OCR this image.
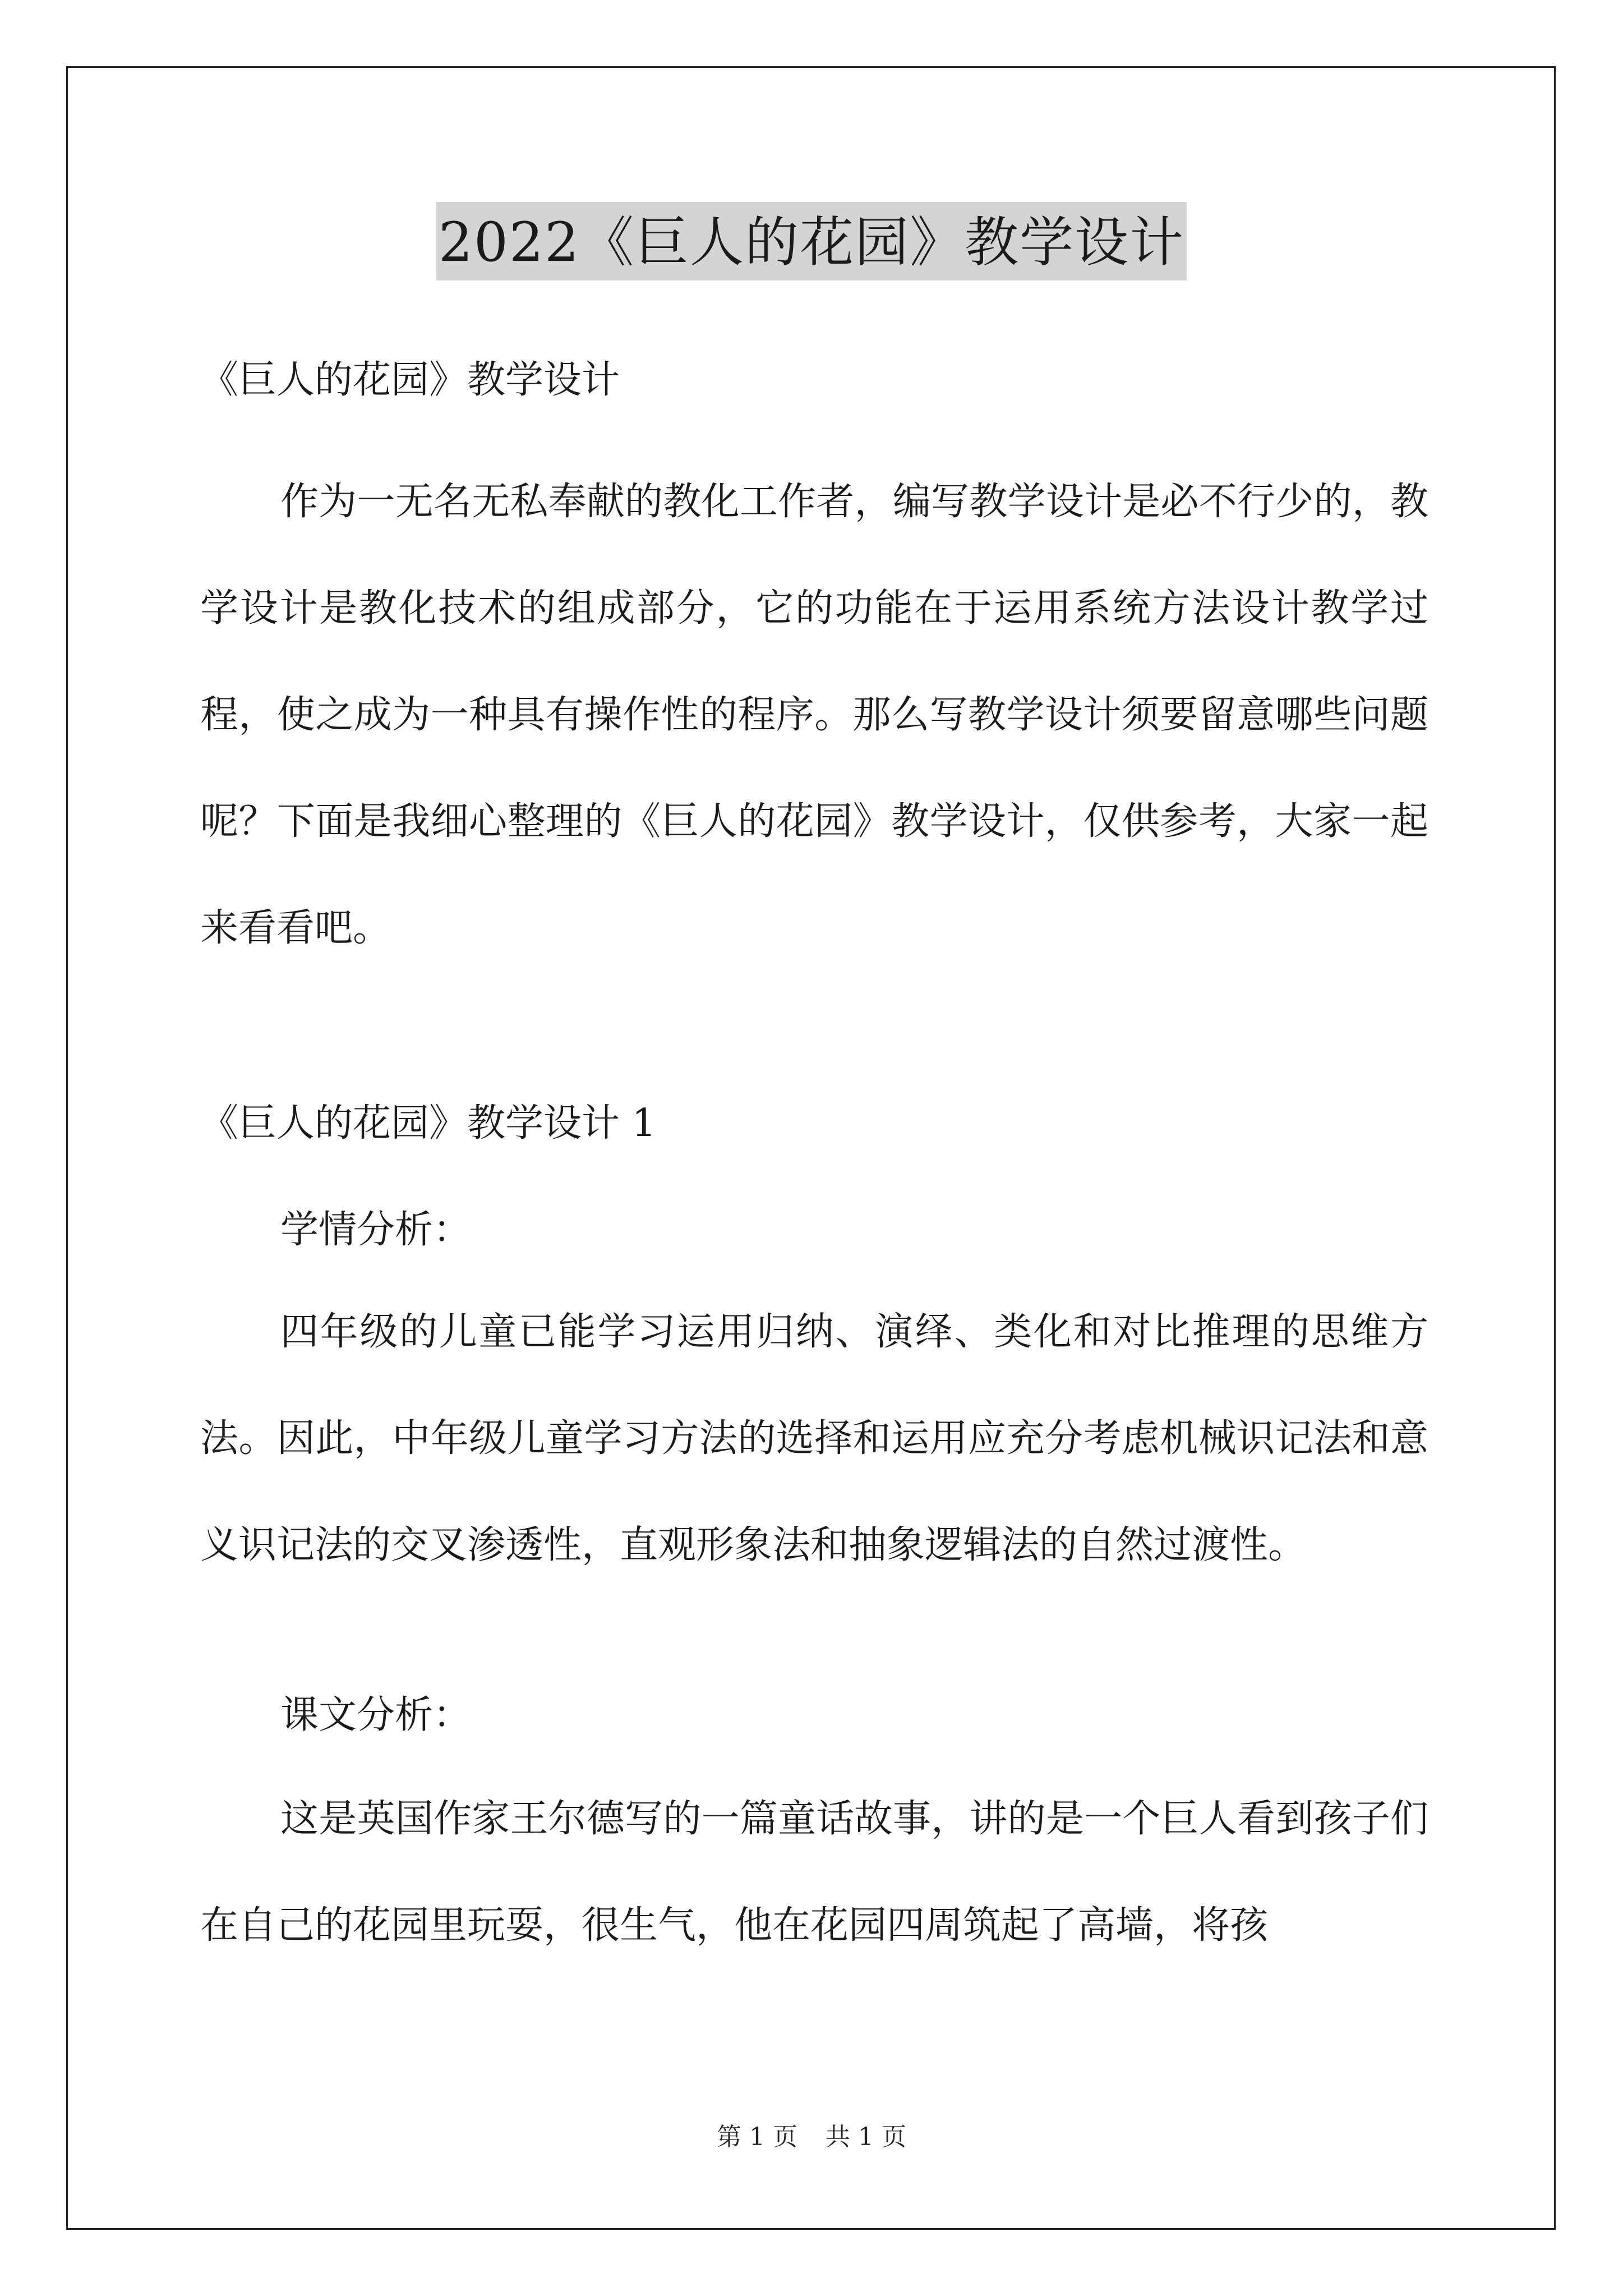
2022《巨人的花园》教学设计

《巨人的花园》教学设计

作为一无名无私奉献的教化工作者，编写教学设计是必不行少的，教学设计是教化技术的组成部分，它的功能在于运用系统方法设计教学过程，使之成为一种具有操作性的程序。那么写教学设计须要留意哪些问题呢？下面是我细心整理的《巨人的花园》教学设计，仅供参考，大家一起来看看吧。

《巨人的花园》教学设计 1

学情分析：

四年级的儿童已能学习运用归纳、演绎、类化和对比推理的思维方法。因此，中年级儿童学习方法的选择和运用应充分考虑机械识记法和意义识记法的交叉渗透性，直观形象法和抽象逻辑法的自然过渡性。

课文分析：

这是英国作家王尔德写的一篇童话故事，讲的是一个巨人看到孩子们在自己的花园里玩耍，很生气，他在花园四周筑起了高墙，将孩

第 1 页 共 1 页
